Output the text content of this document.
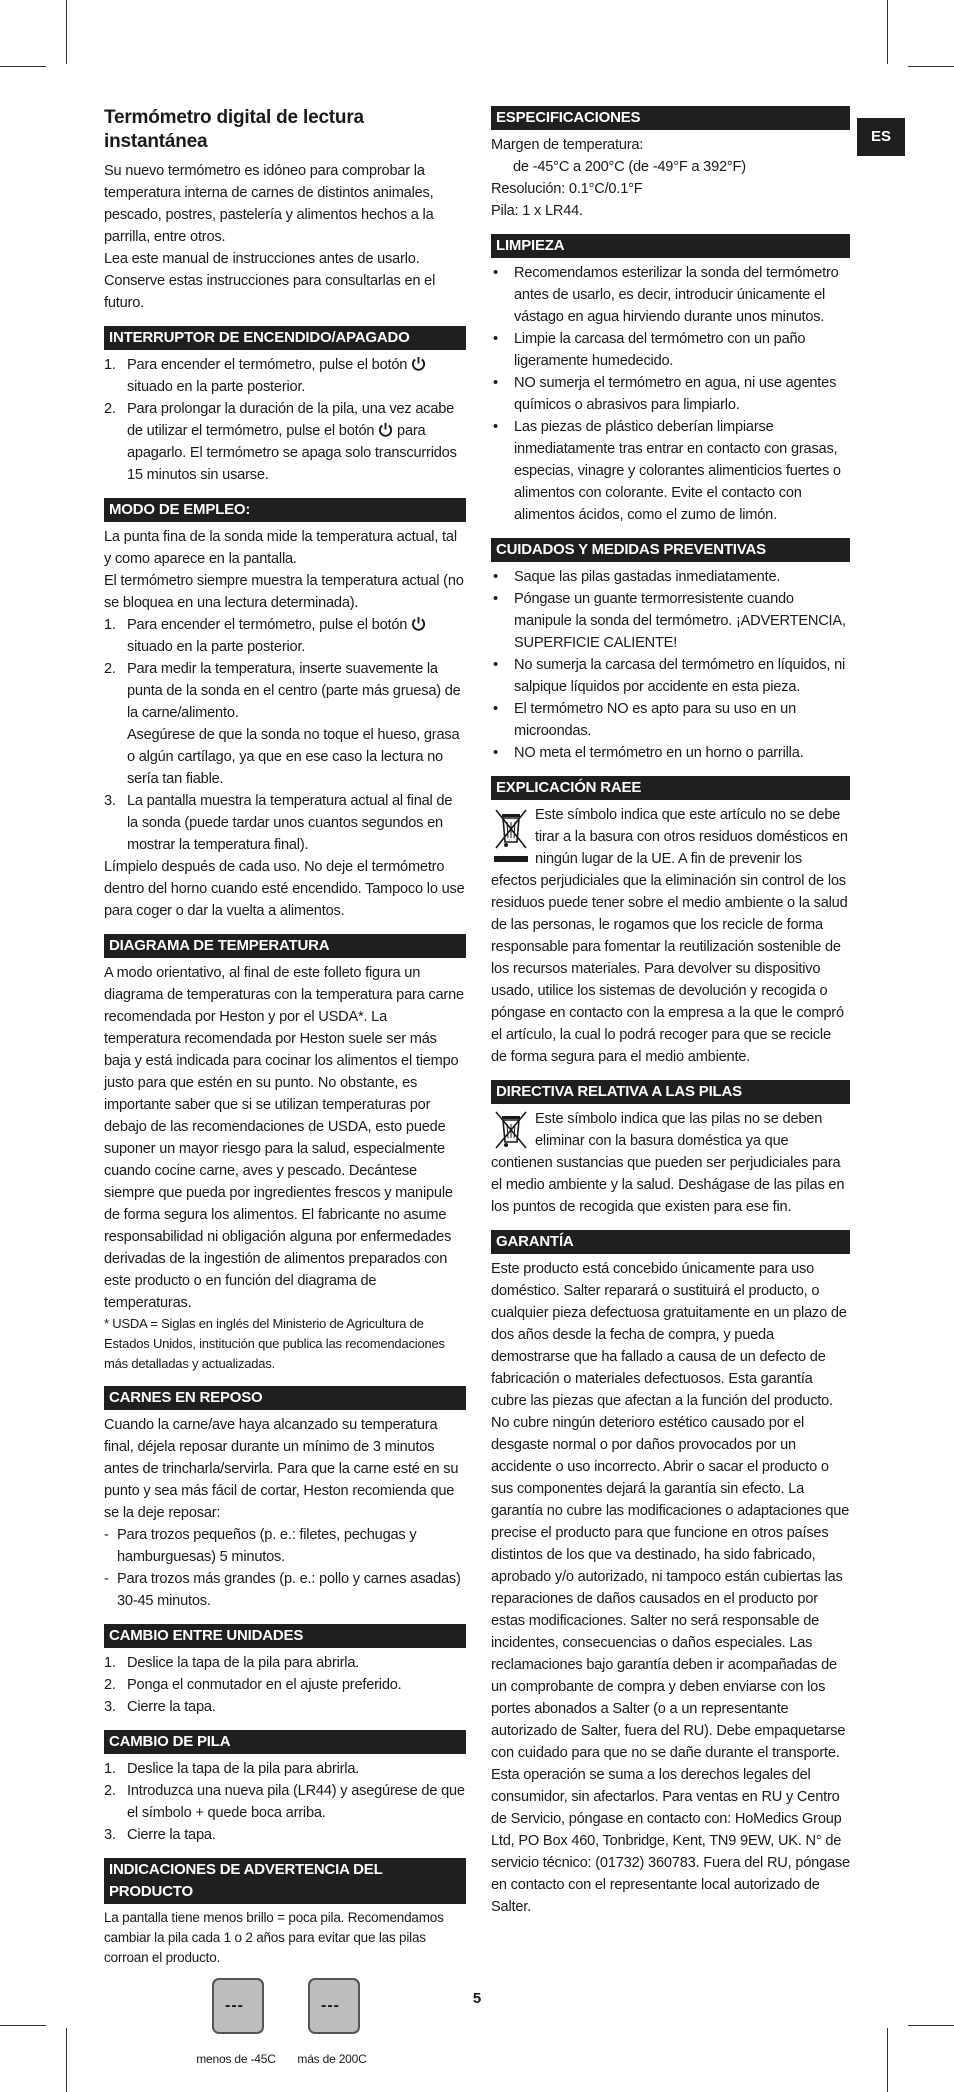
ES
Termómetro digital de lectura instantánea

Su nuevo termómetro es idóneo para comprobar la temperatura interna de carnes de distintos animales, pescado, postres, pastelería y alimentos hechos a la parrilla, entre otros.

Lea este manual de instrucciones antes de usarlo. Conserve estas instrucciones para consultarlas en el futuro.

INTERRUPTOR DE ENCENDIDO/APAGADO
1. Para encender el termómetro, pulse el botón  situado en la parte posterior.
2. Para prolongar la duración de la pila, una vez acabe de utilizar el termómetro, pulse el botón para apagarlo. El termómetro se apaga solo transcurridos 15 minutos sin usarse.
MODO DE EMPLEO:

La punta fina de la sonda mide la temperatura actual, tal y como aparece en la pantalla.

El termómetro siempre muestra la temperatura actual (no se bloquea en una lectura determinada).

1. Para encender el termómetro, pulse el botón  situado en la parte posterior.

2. Para medir la temperatura, inserte suavemente la punta de la sonda en el centro (parte más gruesa) de la carne/alimento.

Asegúrese de que la sonda no toque el hueso, grasa o algún cartílago, ya que en ese caso la lectura no sería tan fiable.

3. La pantalla muestra la temperatura actual al final de la sonda (puede tardar unos cuantos segundos en mostrar la temperatura final).

Límpielo después de cada uso. No deje el termómetro dentro del horno cuando esté encendido. Tampoco lo use para coger o dar la vuelta a alimentos.

DIAGRAMA DE TEMPERATURA

A modo orientativo, al final de este folleto figura un diagrama de temperaturas con la temperatura para carne recomendada por Heston y por el USDA*. La temperatura recomendada por Heston suele ser más baja y está indicada para cocinar los alimentos el tiempo justo para que estén en su punto. No obstante, es importante saber que si se utilizan temperaturas por debajo de las recomendaciones de USDA, esto puede suponer un mayor riesgo para la salud, especialmente cuando cocine carne, aves y pescado. Decántese siempre que pueda por ingredientes frescos y manipule de forma segura los alimentos. El fabricante no asume responsabilidad ni obligación alguna por enfermedades derivadas de la ingestión de alimentos preparados con este producto o en función del diagrama de temperaturas.

* USDA = Siglas en inglés del Ministerio de Agricultura de Estados Unidos, institución que publica las recomendaciones más detalladas y actualizadas.

CARNES EN REPOSO

Cuando la carne/ave haya alcanzado su temperatura final, déjela reposar durante un mínimo de 3 minutos antes de trincharla/servirla. Para que la carne esté en su punto y sea más fácil de cortar, Heston recomienda que se la deje reposar:

- Para trozos pequeños (p. e.: filetes, pechugas y hamburguesas) 5 minutos.
- Para trozos más grandes (p. e.: pollo y carnes asadas) 30-45 minutos.
CAMBIO ENTRE UNIDADES
1. Deslice la tapa de la pila para abrirla.
2. Ponga el conmutador en el ajuste preferido.
3. Cierre la tapa.
CAMBIO DE PILA
1. Deslice la tapa de la pila para abrirla.
2. Introduzca una nueva pila (LR44) y asegúrese de que el símbolo + quede boca arriba.
3. Cierre la tapa.
INDICACIONES DE ADVERTENCIA DEL PRODUCTO

La pantalla tiene menos brillo = poca pila. Recomendamos cambiar la pila cada 1 o 2 años para evitar que las pilas corroan el producto.

---	---
menos de -45C	más de 200C
ESPECIFICACIONES

Margen de temperatura:

de -45°C a 200°C (de -49°F a 392°F)

Resolución: 0.1°C/0.1°F

Pila: 1 x LR44.

LIMPIEZA
• Recomendamos esterilizar la sonda del termómetro antes de usarlo, es decir, introducir únicamente el vástago en agua hirviendo durante unos minutos.
• Limpie la carcasa del termómetro con un paño ligeramente humedecido.
• NO sumerja el termómetro en agua, ni use agentes químicos o abrasivos para limpiarlo.
• Las piezas de plástico deberían limpiarse inmediatamente tras entrar en contacto con grasas, especias, vinagre y colorantes alimenticios fuertes o alimentos con colorante. Evite el contacto con alimentos ácidos, como el zumo de limón.
CUIDADOS Y MEDIDAS PREVENTIVAS
• Saque las pilas gastadas inmediatamente.
• Póngase un guante termorresistente cuando manipule la sonda del termómetro. ¡ADVERTENCIA, SUPERFICIE CALIENTE!
• No sumerja la carcasa del termómetro en líquidos, ni salpique líquidos por accidente en esta pieza.
• El termómetro NO es apto para su uso en un microondas.
• NO meta el termómetro en un horno o parrilla.
EXPLICACIÓN RAEE

Este símbolo indica que este artículo no se debe tirar a la basura con otros residuos domésticos en ningún lugar de la UE. A fin de prevenir los efectos perjudiciales que la eliminación sin control de los residuos puede tener sobre el medio ambiente o la salud de las personas, le rogamos que los recicle de forma responsable para fomentar la reutilización sostenible de los recursos materiales. Para devolver su dispositivo usado, utilice los sistemas de devolución y recogida o póngase en contacto con la empresa a la que le compró el artículo, la cual lo podrá recoger para que se recicle de forma segura para el medio ambiente.

DIRECTIVA RELATIVA A LAS PILAS

Este símbolo indica que las pilas no se deben eliminar con la basura doméstica ya que contienen sustancias que pueden ser perjudiciales para el medio ambiente y la salud. Deshágase de las pilas en los puntos de recogida que existen para ese fin.

GARANTÍA

Este producto está concebido únicamente para uso doméstico. Salter reparará o sustituirá el producto, o cualquier pieza defectuosa gratuitamente en un plazo de dos años desde la fecha de compra, y pueda demostrarse que ha fallado a causa de un defecto de fabricación o materiales defectuosos. Esta garantía cubre las piezas que afectan a la función del producto. No cubre ningún deterioro estético causado por el desgaste normal o por daños provocados por un accidente o uso incorrecto. Abrir o sacar el producto o sus componentes dejará la garantía sin efecto. La garantía no cubre las modificaciones o adaptaciones que precise el producto para que funcione en otros países distintos de los que va destinado, ha sido fabricado, aprobado y/o autorizado, ni tampoco están cubiertas las reparaciones de daños causados en el producto por estas modificaciones. Salter no será responsable de incidentes, consecuencias o daños especiales. Las reclamaciones bajo garantía deben ir acompañadas de un comprobante de compra y deben enviarse con los portes abonados a Salter (o a un representante autorizado de Salter, fuera del RU). Debe empaquetarse con cuidado para que no se dañe durante el transporte. Esta operación se suma a los derechos legales del consumidor, sin afectarlos. Para ventas en RU y Centro de Servicio, póngase en contacto con: HoMedics Group Ltd, PO Box 460, Tonbridge, Kent, TN9 9EW, UK. N° de servicio técnico: (01732) 360783. Fuera del RU, póngase en contacto con el representante local autorizado de Salter.

5
